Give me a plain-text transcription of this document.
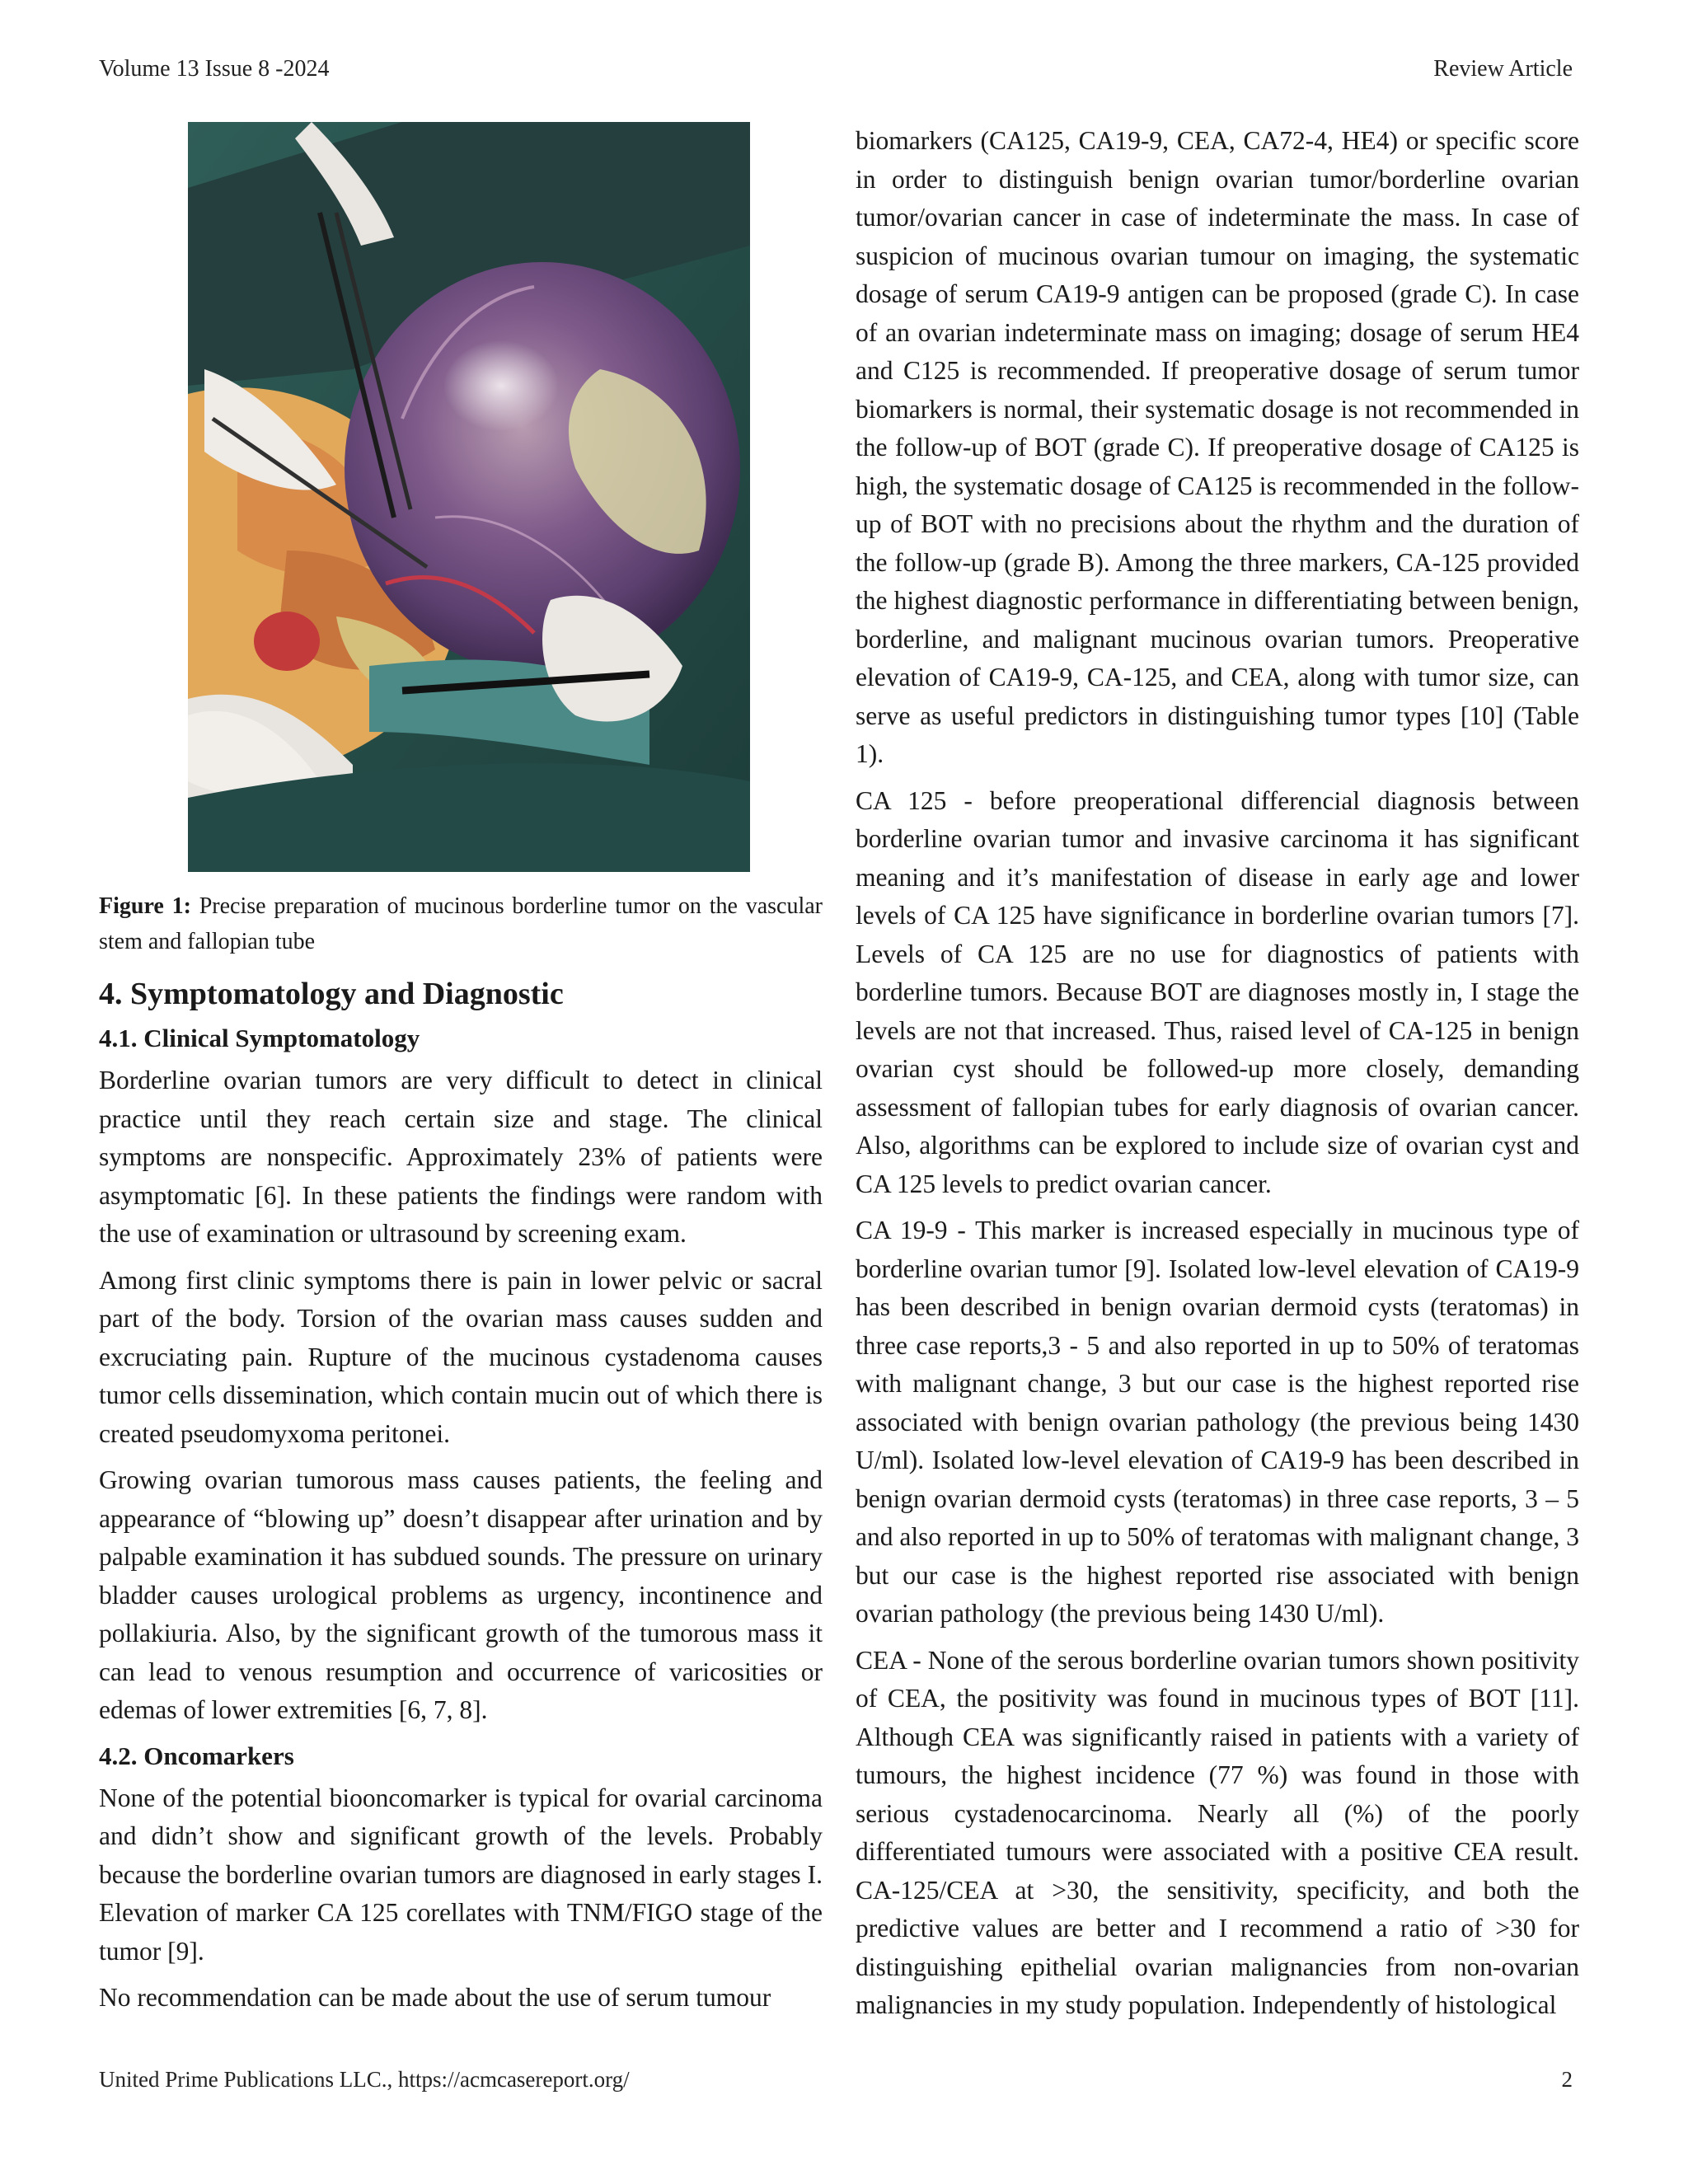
Volume 13 Issue 8 -2024	Review Article

Figure 1: Precise preparation of mucinous borderline tumor on the vascular stem and fallopian tube

4. Symptomatology and Diagnostic
4.1. Clinical Symptomatology

Borderline ovarian tumors are very difficult to detect in clinical practice until they reach certain size and stage. The clinical symptoms are nonspecific. Approximately 23% of patients were asymptomatic [6]. In these patients the findings were random with the use of examination or ultrasound by screening exam.

Among first clinic symptoms there is pain in lower pelvic or sacral part of the body. Torsion of the ovarian mass causes sudden and excruciating pain. Rupture of the mucinous cystadenoma causes tumor cells dissemination, which contain mucin out of which there is created pseudomyxoma peritonei.

Growing ovarian tumorous mass causes patients, the feeling and appearance of “blowing up” doesn’t disappear after urination and by palpable examination it has subdued sounds. The pressure on urinary bladder causes urological problems as urgency, incontinence and pollakiuria. Also, by the significant growth of the tumorous mass it can lead to venous resumption and occurrence of varicosities or edemas of lower extremities [6, 7, 8].

4.2. Oncomarkers

None of the potential biooncomarker is typical for ovarial carcinoma and didn’t show and significant growth of the levels. Probably because the borderline ovarian tumors are diagnosed in early stages I. Elevation of marker CA 125 corellates with TNM/FIGO stage of the tumor [9].

No recommendation can be made about the use of serum tumour

biomarkers (CA125, CA19-9, CEA, CA72-4, HE4) or specific score in order to distinguish benign ovarian tumor/borderline ovarian tumor/ovarian cancer in case of indeterminate the mass. In case of suspicion of mucinous ovarian tumour on imaging, the systematic dosage of serum CA19-9 antigen can be proposed (grade C). In case of an ovarian indeterminate mass on imaging; dosage of serum HE4 and C125 is recommended. If preoperative dosage of serum tumor biomarkers is normal, their systematic dosage is not recommended in the follow-up of BOT (grade C). If preoperative dosage of CA125 is high, the systematic dosage of CA125 is recommended in the follow-up of BOT with no precisions about the rhythm and the duration of the follow-up (grade B). Among the three markers, CA-125 provided the highest diagnostic performance in differentiating between benign, borderline, and malignant mucinous ovarian tumors. Preoperative elevation of CA19-9, CA-125, and CEA, along with tumor size, can serve as useful predictors in distinguishing tumor types [10] (Table 1).

CA 125 - before preoperational differencial diagnosis between borderline ovarian tumor and invasive carcinoma it has significant meaning and it’s manifestation of disease in early age and lower levels of CA 125 have significance in borderline ovarian tumors [7]. Levels of CA 125 are no use for diagnostics of patients with borderline tumors. Because BOT are diagnoses mostly in, I stage the levels are not that increased. Thus, raised level of CA-125 in benign ovarian cyst should be followed-up more closely, demanding assessment of fallopian tubes for early diagnosis of ovarian cancer. Also, algorithms can be explored to include size of ovarian cyst and CA 125 levels to predict ovarian cancer.

CA 19-9 - This marker is increased especially in mucinous type of borderline ovarian tumor [9]. Isolated low-level elevation of CA19-9 has been described in benign ovarian dermoid cysts (teratomas) in three case reports,3 - 5 and also reported in up to 50% of teratomas with malignant change, 3 but our case is the highest reported rise associated with benign ovarian pathology (the previous being 1430 U/ml). Isolated low-level elevation of CA19-9 has been described in benign ovarian dermoid cysts (teratomas) in three case reports, 3 – 5 and also reported in up to 50% of teratomas with malignant change, 3 but our case is the highest reported rise associated with benign ovarian pathology (the previous being 1430 U/ml).

CEA - None of the serous borderline ovarian tumors shown positivity of CEA, the positivity was found in mucinous types of BOT [11]. Although CEA was significantly raised in patients with a variety of tumours, the highest incidence (77 %) was found in those with serious cystadenocarcinoma. Nearly all (%) of the poorly differentiated tumours were associated with a positive CEA result. CA-125/CEA at >30, the sensitivity, specificity, and both the predictive values are better and I recommend a ratio of >30 for distinguishing epithelial ovarian malignancies from non-ovarian malignancies in my study population. Independently of histological

United Prime Publications LLC., https://acmcasereport.org/	2
